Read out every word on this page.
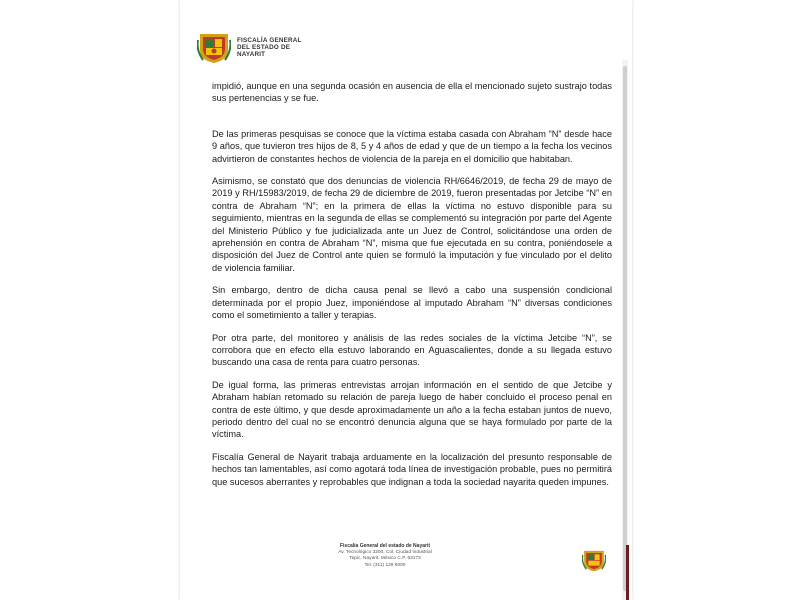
FISCALÍA GENERAL
DEL ESTADO DE
NAYARIT

impidió, aunque en una segunda ocasión en ausencia de ella el mencionado sujeto sustrajo todas sus pertenencias y se fue.

De las primeras pesquisas se conoce que la víctima estaba casada con Abraham “N” desde hace 9 años, que tuvieron tres hijos de 8, 5 y 4 años de edad y que de un tiempo a la fecha los vecinos advirtieron de constantes hechos de violencia de la pareja en el domicilio que habitaban.

Asimismo, se constató que dos denuncias de violencia RH/6646/2019, de fecha 29 de mayo de 2019 y RH/15983/2019, de fecha 29 de diciembre de 2019, fueron presentadas por Jetcibe “N” en contra de Abraham “N”; en la primera de ellas la víctima no estuvo disponible para su seguimiento, mientras en la segunda de ellas se complementó su integración por parte del Agente del Ministerio Público y fue judicializada ante un Juez de Control, solicitándose una orden de aprehensión en contra de Abraham “N”, misma que fue ejecutada en su contra, poniéndosele a disposición del Juez de Control ante quien se formuló la imputación y fue vinculado por el delito de violencia familiar.

Sin embargo, dentro de dicha causa penal se llevó a cabo una suspensión condicional determinada por el propio Juez, imponiéndose al imputado Abraham “N” diversas condiciones como el sometimiento a taller y terapias.

Por otra parte, del monitoreo y análisis de las redes sociales de la víctima Jetcibe “N”, se corrobora que en efecto ella estuvo laborando en Aguascalientes, donde a su llegada estuvo buscando una casa de renta para cuatro personas.

De igual forma, las primeras entrevistas arrojan información en el sentido de que Jetcibe y Abraham habían retomado su relación de pareja luego de haber concluido el proceso penal en contra de este último, y que desde aproximadamente un año a la fecha estaban juntos de nuevo, periodo dentro del cual no se encontró denuncia alguna que se haya formulado por parte de la víctima.

Fiscalía General de Nayarit trabaja arduamente en la localización del presunto responsable de hechos tan lamentables, así como agotará toda línea de investigación probable, pues no permitirá que sucesos aberrantes y reprobables que indignan a toda la sociedad nayarita queden impunes.

Fiscalía General del estado de Nayarit
Av. Tecnológico 3200, Col. Ciudad Industrial
Tepic, Nayarit. México C.P. 63173
Tel. (311) 129 6000
